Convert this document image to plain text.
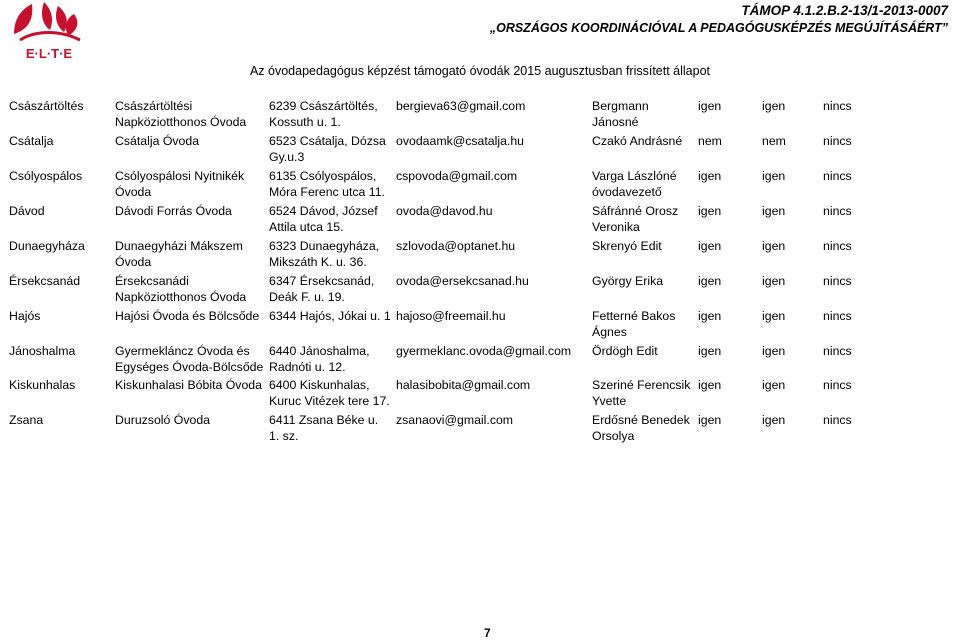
E·L·T·E
TÁMOP 4.1.2.B.2-13/1-2013-0007
„ORSZÁGOS KOORDINÁCIÓVAL A PEDAGÓGUSKÉPZÉS MEGÚJÍTÁSÁÉRT”
Az óvodapedagógus képzést támogató óvodák 2015 augusztusban frissített állapot
Császártöltés	Császártöltési Napköziotthonos Óvoda	6239 Császártöltés, Kossuth u. 1.	bergieva63@gmail.com	Bergmann Jánosné	igen	igen	nincs
Csátalja	Csátalja Óvoda	6523 Csátalja, Dózsa Gy.u.3	ovodaamk@csatalja.hu	Czakó Andrásné	nem	nem	nincs
Csólyospálos	Csólyospálosi Nyitnikék Óvoda	6135 Csólyospálos, Móra Ferenc utca 11.	cspovoda@gmail.com	Varga Lászlóné óvodavezető	igen	igen	nincs
Dávod	Dávodi Forrás Óvoda	6524 Dávod, József Attila utca 15.	ovoda@davod.hu	Sáfránné Orosz Veronika	igen	igen	nincs
Dunaegyháza	Dunaegyházi Mákszem Óvoda	6323 Dunaegyháza, Mikszáth K. u. 36.	szlovoda@optanet.hu	Skrenyó Edit	igen	igen	nincs
Érsekcsanád	Érsekcsanádi Napköziotthonos Óvoda	6347 Érsekcsanád, Deák F. u. 19.	ovoda@ersekcsanad.hu	György Erika	igen	igen	nincs
Hajós	Hajósi Óvoda és Bölcsőde	6344 Hajós, Jókai u. 1	hajoso@freemail.hu	Fetterné Bakos Ágnes	igen	igen	nincs
Jánoshalma	Gyermekláncz Óvoda és Egységes Óvoda-Bölcsőde	6440 Jánoshalma, Radnóti u. 12.	gyermeklanc.ovoda@gmail.com	Ördögh Edit	igen	igen	nincs
Kiskunhalas	Kiskunhalasi Bóbita Óvoda	6400 Kiskunhalas, Kuruc Vitézek tere 17.	halasibobita@gmail.com	Szeriné Ferencsik Yvette	igen	igen	nincs
Zsana	Duruzsoló Óvoda	6411 Zsana Béke u. 1. sz.	zsanaovi@gmail.com	Erdősné Benedek Orsolya	igen	igen	nincs
7
